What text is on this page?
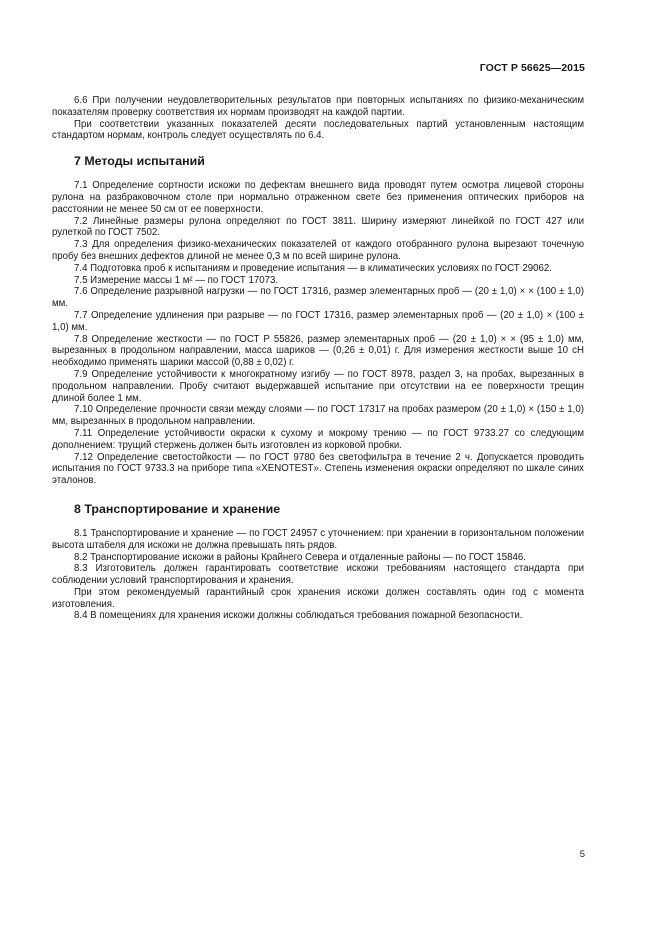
ГОСТ Р 56625—2015

6.6 При получении неудовлетворительных результатов при повторных испытаниях по физико-механическим показателям проверку соответствия их нормам производят на каждой партии.

При соответствии указанных показателей десяти последовательных партий установленным настоящим стандартом нормам, контроль следует осуществлять по 6.4.

7 Методы испытаний

7.1 Определение сортности искожи по дефектам внешнего вида проводят путем осмотра лицевой стороны рулона на разбраковочном столе при нормально отраженном свете без применения оптических приборов на расстоянии не менее 50 см от ее поверхности.

7.2 Линейные размеры рулона определяют по ГОСТ 3811. Ширину измеряют линейкой по ГОСТ 427 или рулеткой по ГОСТ 7502.

7.3 Для определения физико-механических показателей от каждого отобранного рулона вырезают точечную пробу без внешних дефектов длиной не менее 0,3 м по всей ширине рулона.

7.4 Подготовка проб к испытаниям и проведение испытания — в климатических условиях по ГОСТ 29062.

7.5 Измерение массы 1 м² — по ГОСТ 17073.

7.6 Определение разрывной нагрузки — по ГОСТ 17316, размер элементарных проб — (20 ± 1,0) × × (100 ± 1,0) мм.

7.7 Определение удлинения при разрыве — по ГОСТ 17316, размер элементарных проб — (20 ± 1,0) × (100 ± 1,0) мм.

7.8 Определение жесткости — по ГОСТ Р 55826, размер элементарных проб — (20 ± 1,0) × × (95 ± 1,0) мм, вырезанных в продольном направлении, масса шариков — (0,26 ± 0,01) г. Для измерения жесткости выше 10 сН необходимо применять шарики массой (0,88 ± 0,02) г.

7.9 Определение устойчивости к многократному изгибу — по ГОСТ 8978, раздел 3, на пробах, вырезанных в продольном направлении. Пробу считают выдержавшей испытание при отсутствии на ее поверхности трещин длиной более 1 мм.

7.10 Определение прочности связи между слоями — по ГОСТ 17317 на пробах размером (20 ± 1,0) × (150 ± 1,0) мм, вырезанных в продольном направлении.

7.11 Определение устойчивости окраски к сухому и мокрому трению — по ГОСТ 9733.27 со следующим дополнением: трущий стержень должен быть изготовлен из корковой пробки.

7.12 Определение светостойкости — по ГОСТ 9780 без светофильтра в течение 2 ч. Допускается проводить испытания по ГОСТ 9733.3 на приборе типа «XENOTEST». Степень изменения окраски определяют по шкале синих эталонов.

8 Транспортирование и хранение

8.1 Транспортирование и хранение — по ГОСТ 24957 с уточнением: при хранении в горизонтальном положении высота штабеля для искожи не должна превышать пять рядов.

8.2 Транспортирование искожи в районы Крайнего Севера и отдаленные районы — по ГОСТ 15846.

8.3 Изготовитель должен гарантировать соответствие искожи требованиям настоящего стандарта при соблюдении условий транспортирования и хранения.

При этом рекомендуемый гарантийный срок хранения искожи должен составлять один год с момента изготовления.

8.4 В помещениях для хранения искожи должны соблюдаться требования пожарной безопасности.

5
